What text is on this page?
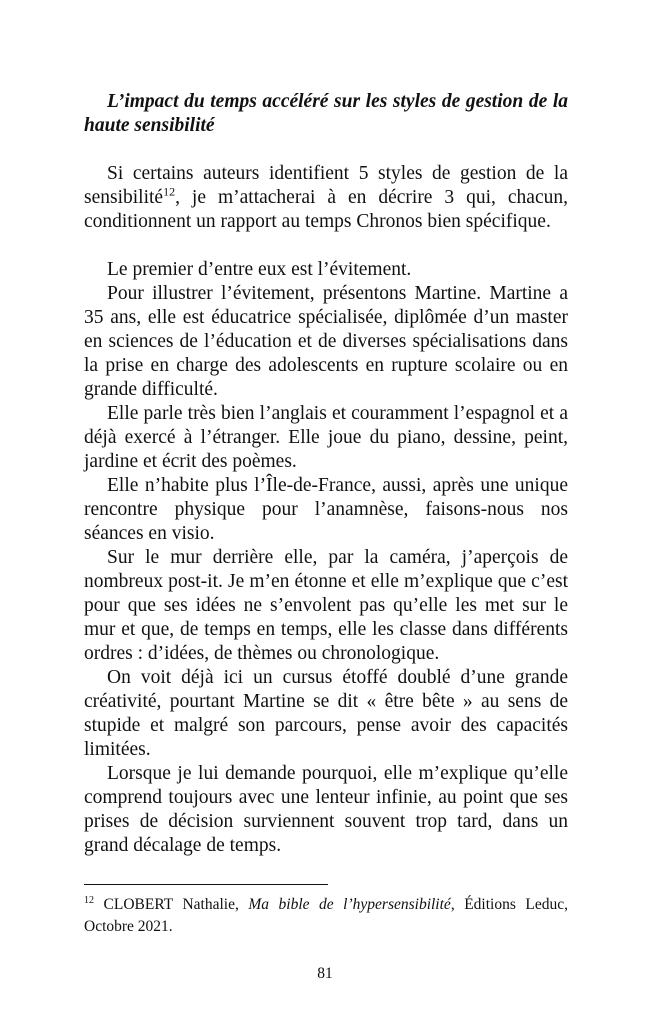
L’impact du temps accéléré sur les styles de gestion de la haute sensibilité

Si certains auteurs identifient 5 styles de gestion de la sensibilité$^{12}$, je m’attacherai à en décrire 3 qui, chacun, conditionnent un rapport au temps Chronos bien spécifique.

Le premier d’entre eux est l’évitement.

Pour illustrer l’évitement, présentons Martine. Martine a 35 ans, elle est éducatrice spécialisée, diplômée d’un master en sciences de l’éducation et de diverses spécialisations dans la prise en charge des adolescents en rupture scolaire ou en grande difficulté.

Elle parle très bien l’anglais et couramment l’espagnol et a déjà exercé à l’étranger. Elle joue du piano, dessine, peint, jardine et écrit des poèmes.

Elle n’habite plus l’Île-de-France, aussi, après une unique rencontre physique pour l’anamnèse, faisons-nous nos séances en visio.

Sur le mur derrière elle, par la caméra, j’aperçois de nombreux post-it. Je m’en étonne et elle m’explique que c’est pour que ses idées ne s’envolent pas qu’elle les met sur le mur et que, de temps en temps, elle les classe dans différents ordres : d’idées, de thèmes ou chronologique.

On voit déjà ici un cursus étoffé doublé d’une grande créativité, pourtant Martine se dit « être bête » au sens de stupide et malgré son parcours, pense avoir des capacités limitées.

Lorsque je lui demande pourquoi, elle m’explique qu’elle comprend toujours avec une lenteur infinie, au point que ses prises de décision surviennent souvent trop tard, dans un grand décalage de temps.

$^{12}$ CLOBERT Nathalie, Ma bible de l’hypersensibilité, Éditions Leduc, Octobre 2021.
81
